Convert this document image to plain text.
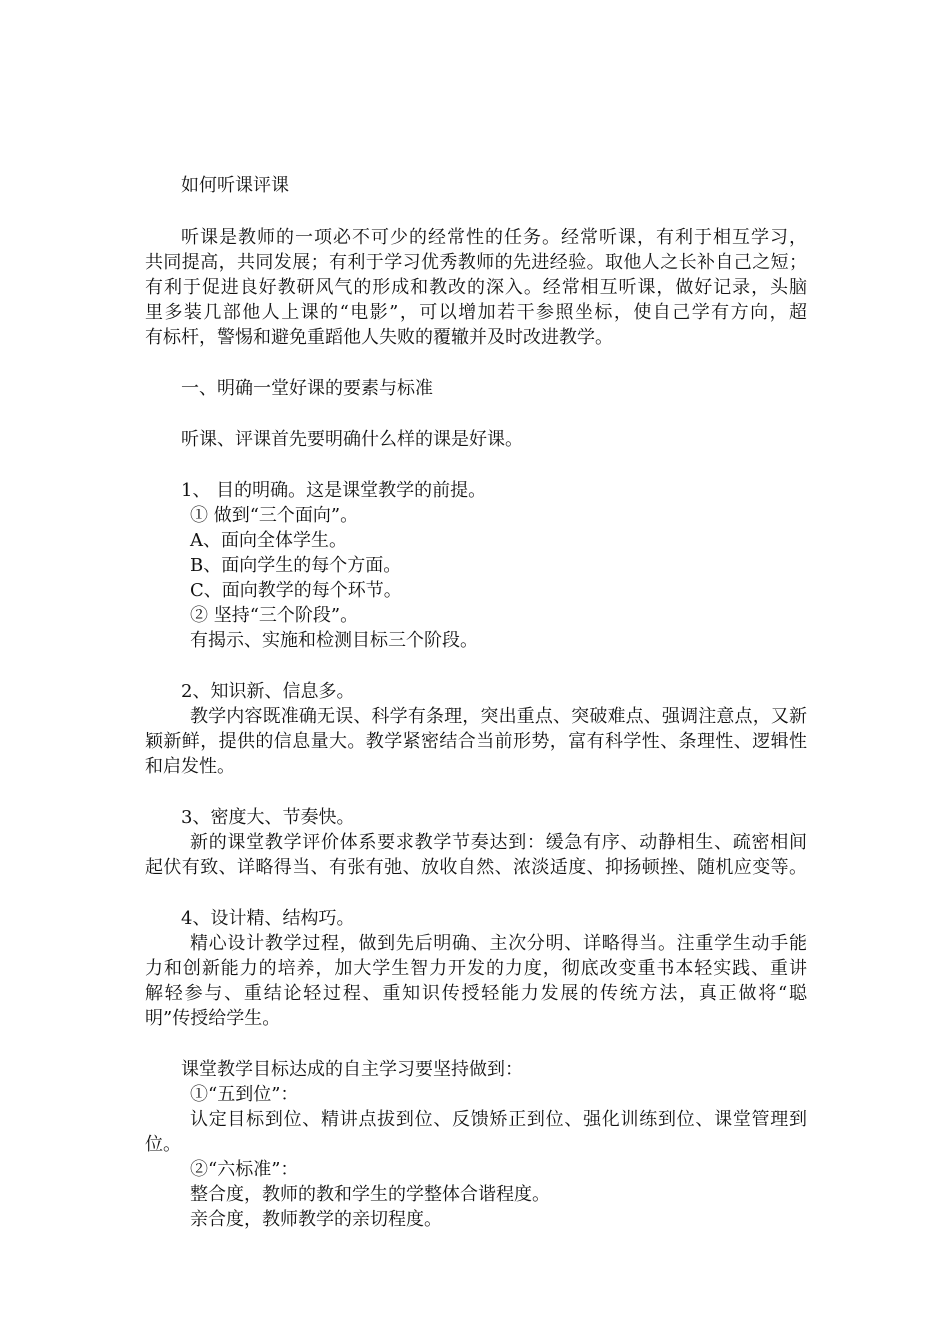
如何听课评课
听课是教师的一项必不可少的经常性的任务。经常听课，有利于相互学习，
共同提高，共同发展；有利于学习优秀教师的先进经验。取他人之长补自己之短；
有利于促进良好教研风气的形成和教改的深入。经常相互听课，做好记录，头脑
里多装几部他人上课的“电影”，可以增加若干参照坐标，使自己学有方向，超
有标杆，警惕和避免重蹈他人失败的覆辙并及时改进教学。
一、明确一堂好课的要素与标准
听课、评课首先要明确什么样的课是好课。
1、 目的明确。这是课堂教学的前提。
① 做到“三个面向”。
A、面向全体学生。
B、面向学生的每个方面。
C、面向教学的每个环节。
② 坚持“三个阶段”。
有揭示、实施和检测目标三个阶段。
2、知识新、信息多。
教学内容既准确无误、科学有条理，突出重点、突破难点、强调注意点，又新
颖新鲜，提供的信息量大。教学紧密结合当前形势，富有科学性、条理性、逻辑性
和启发性。
3、密度大、节奏快。
新的课堂教学评价体系要求教学节奏达到：缓急有序、动静相生、疏密相间
起伏有致、详略得当、有张有弛、放收自然、浓淡适度、抑扬顿挫、随机应变等。
4、设计精、结构巧。
精心设计教学过程，做到先后明确、主次分明、详略得当。注重学生动手能
力和创新能力的培养，加大学生智力开发的力度，彻底改变重书本轻实践、重讲
解轻参与、重结论轻过程、重知识传授轻能力发展的传统方法，真正做将“聪
明”传授给学生。
课堂教学目标达成的自主学习要坚持做到：
①“五到位”：
认定目标到位、精讲点拔到位、反馈矫正到位、强化训练到位、课堂管理到
位。
②“六标准”：
整合度，教师的教和学生的学整体合谐程度。
亲合度，教师教学的亲切程度。
